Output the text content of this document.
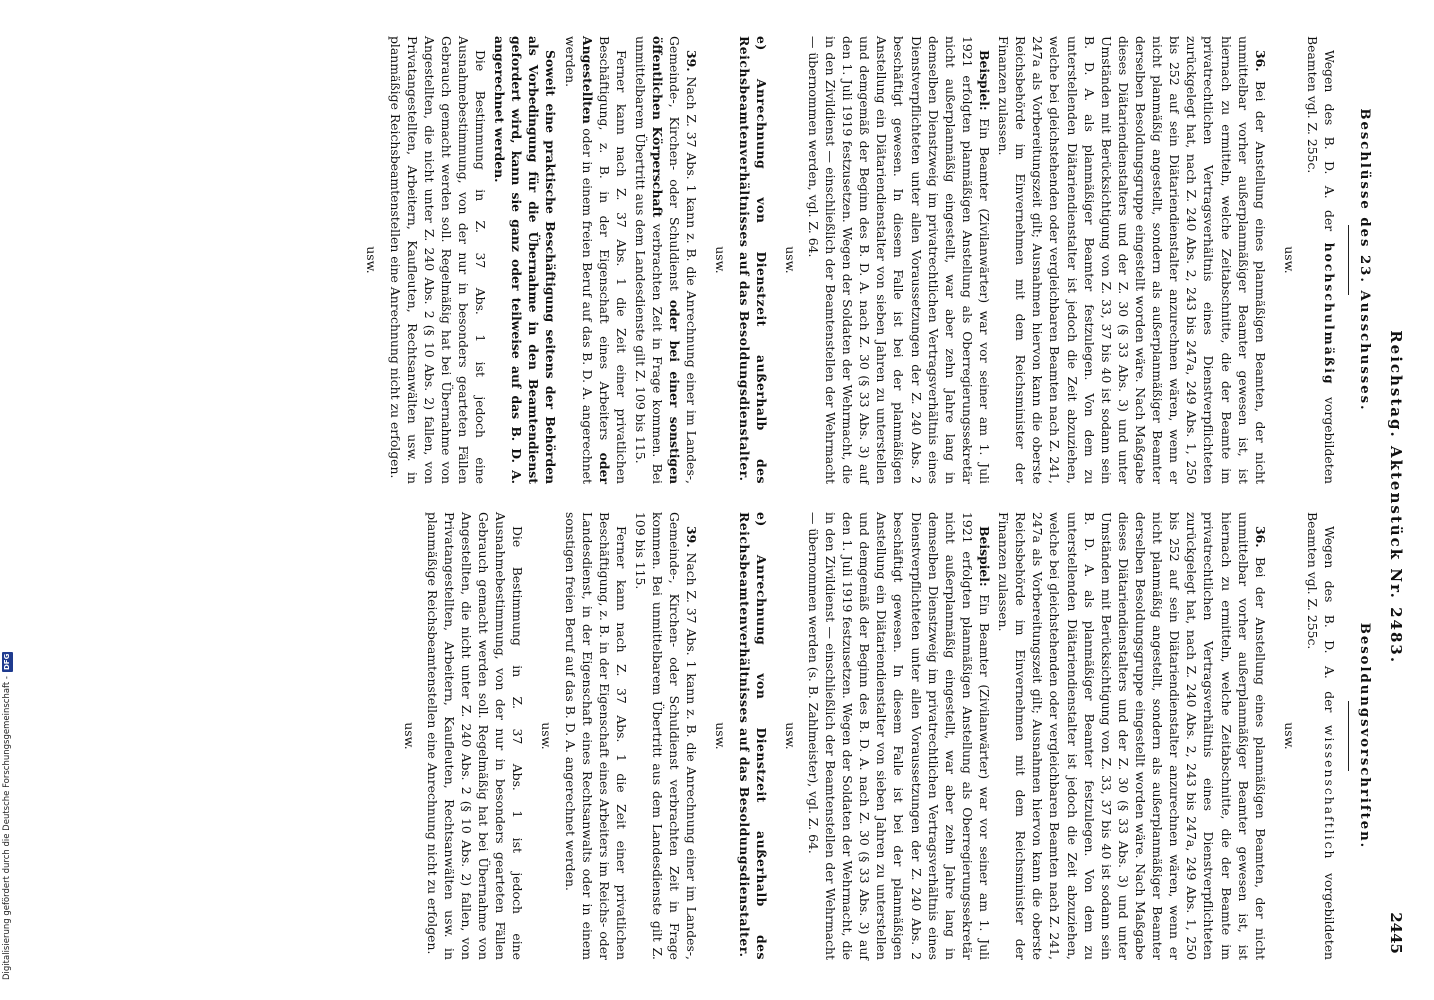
Reichstag. Aktenstück Nr. 2483.
2445
Beschlüsse des 23. Ausschusses.

Wegen des B. D. A. der hochschulmäßig vorgebildeten Beamten vgl. Z. 255c.

usw.

36. Bei der Anstellung eines planmäßigen Beamten, der nicht unmittelbar vorher außerplanmäßiger Beamter gewesen ist, ist hiernach zu ermitteln, welche Zeitabschnitte, die der Beamte im privatrechtlichen Vertragsverhältnis eines Dienstverpflichteten zurückgelegt hat, nach Z. 240 Abs. 2, 243 bis 247a, 249 Abs. 1, 250 bis 252 auf sein Diätariendienstalter anzurechnen wären, wenn er nicht planmäßig angestellt, sondern als außerplanmäßiger Beamter derselben Besoldungsgruppe eingestellt worden wäre. Nach Maßgabe dieses Diätariendienstalters und der Z. 30 (§ 33 Abs. 3) und unter Umständen mit Berücksichtigung von Z. 33, 37 bis 40 ist sodann sein B. D. A. als planmäßiger Beamter festzulegen. Von dem zu unterstellenden Diätariendienstalter ist jedoch die Zeit abzuziehen, welche bei gleichstehenden oder vergleichbaren Beamten nach Z. 241, 247a als Vorbereitungszeit gilt; Ausnahmen hiervon kann die oberste Reichsbehörde im Einvernehmen mit dem Reichsminister der Finanzen zulassen.

Beispiel: Ein Beamter (Zivilanwärter) war vor seiner am 1. Juli 1921 erfolgten planmäßigen Anstellung als Oberregierungssekretär nicht außerplanmäßig eingestellt, war aber zehn Jahre lang in demselben Dienstzweig im privatrechtlichen Vertragsverhältnis eines Dienstverpflichteten unter allen Voraussetzungen der Z. 240 Abs. 2 beschäftigt gewesen. In diesem Falle ist bei der planmäßigen Anstellung ein Diätariendienstalter von sieben Jahren zu unterstellen und demgemäß der Beginn des B. D. A. nach Z. 30 (§ 33 Abs. 3) auf den 1. Juli 1919 festzusetzen. Wegen der Soldaten der Wehrmacht, die in den Zivildienst — einschließlich der Beamtenstellen der Wehrmacht — übernommen werden, vgl. Z. 64.

usw.
e) Anrechnung von Dienstzeit außerhalb des Reichsbeamtenverhältnisses auf das Besoldungsdienstalter.
usw.

39. Nach Z. 37 Abs. 1 kann z. B. die Anrechnung einer im Landes-, Gemeinde-, Kirchen- oder Schuldienst oder bei einer sonstigen öffentlichen Körperschaft verbrachten Zeit in Frage kommen. Bei unmittelbarem Übertritt aus dem Landesdienste gilt Z. 109 bis 115.

Ferner kann nach Z. 37 Abs. 1 die Zeit einer privatlichen Beschäftigung, z. B. in der Eigenschaft eines Arbeiters oder Angestellten oder in einem freien Beruf auf das B. D. A. angerechnet werden.

Soweit eine praktische Beschäftigung seitens der Behörden als Vorbedingung für die Übernahme in den Beamtendienst gefordert wird, kann sie ganz oder teilweise auf das B. D. A. angerechnet werden.

Die Bestimmung in Z. 37 Abs. 1 ist jedoch eine Ausnahmebestimmung, von der nur in besonders gearteten Fällen Gebrauch gemacht werden soll. Regelmäßig hat bei Übernahme von Angestellten, die nicht unter Z. 240 Abs. 2 (§ 10 Abs. 2) fallen, von Privatangestellten, Arbeitern, Kaufleuten, Rechtsanwälten usw. in planmäßige Reichsbeamtenstellen eine Anrechnung nicht zu erfolgen.

usw.
Besoldungsvorschriften.

Wegen des B. D. A. der wissenschaftlich vorgebildeten Beamten vgl. Z. 255c.

usw.

36. Bei der Anstellung eines planmäßigen Beamten, der nicht unmittelbar vorher außerplanmäßiger Beamter gewesen ist, ist hiernach zu ermitteln, welche Zeitabschnitte, die der Beamte im privatrechtlichen Vertragsverhältnis eines Dienstverpflichteten zurückgelegt hat, nach Z. 240 Abs. 2, 243 bis 247a, 249 Abs. 1, 250 bis 252 auf sein Diätariendienstalter anzurechnen wären, wenn er nicht planmäßig angestellt, sondern als außerplanmäßiger Beamter derselben Besoldungsgruppe eingestellt worden wäre. Nach Maßgabe dieses Diätariendienstalters und der Z. 30 (§ 33 Abs. 3) und unter Umständen mit Berücksichtigung von Z. 33, 37 bis 40 ist sodann sein B. D. A. als planmäßiger Beamter festzulegen. Von dem zu unterstellenden Diätariendienstalter ist jedoch die Zeit abzuziehen, welche bei gleichstehenden oder vergleichbaren Beamten nach Z. 241, 247a als Vorbereitungszeit gilt; Ausnahmen hiervon kann die oberste Reichsbehörde im Einvernehmen mit dem Reichsminister der Finanzen zulassen.

Beispiel: Ein Beamter (Zivilanwärter) war vor seiner am 1. Juli 1921 erfolgten planmäßigen Anstellung als Oberregierungssekretär nicht außerplanmäßig eingestellt, war aber zehn Jahre lang in demselben Dienstzweig im privatrechtlichen Vertragsverhältnis eines Dienstverpflichteten unter allen Voraussetzungen der Z. 240 Abs. 2 beschäftigt gewesen. In diesem Falle ist bei der planmäßigen Anstellung ein Diätariendienstalter von sieben Jahren zu unterstellen und demgemäß der Beginn des B. D. A. nach Z. 30 (§ 33 Abs. 3) auf den 1. Juli 1919 festzusetzen. Wegen der Soldaten der Wehrmacht, die in den Zivildienst — einschließlich der Beamtenstellen der Wehrmacht — übernommen werden (s. B. Zahlmeister), vgl. Z. 64.

usw.
e) Anrechnung von Dienstzeit außerhalb des Reichsbeamtenverhältnisses auf das Besoldungsdienstalter.
usw.

39. Nach Z. 37 Abs. 1 kann z. B. die Anrechnung einer im Landes-, Gemeinde-, Kirchen- oder Schuldienst verbrachten Zeit in Frage kommen. Bei unmittelbarem Übertritt aus dem Landesdienste gilt Z. 109 bis 115.

Ferner kann nach Z. 37 Abs. 1 die Zeit einer privatlichen Beschäftigung, z. B. in der Eigenschaft eines Arbeiters im Reichs- oder Landesdienst, in der Eigenschaft eines Rechtsanwalts oder in einem sonstigen freien Beruf auf das B. D. A. angerechnet werden.

usw.

Die Bestimmung in Z. 37 Abs. 1 ist jedoch eine Ausnahmebestimmung, von der nur in besonders gearteten Fällen Gebrauch gemacht werden soll. Regelmäßig hat bei Übernahme von Angestellten, die nicht unter Z. 240 Abs. 2 (§ 10 Abs. 2) fallen, von Privatangestellten, Arbeitern, Kaufleuten, Rechtsanwälten usw. in planmäßige Reichsbeamtenstellen eine Anrechnung nicht zu erfolgen.

usw.
Digitalisierung gefördert durch die Deutsche Forschungsgemeinschaft -
DFG
